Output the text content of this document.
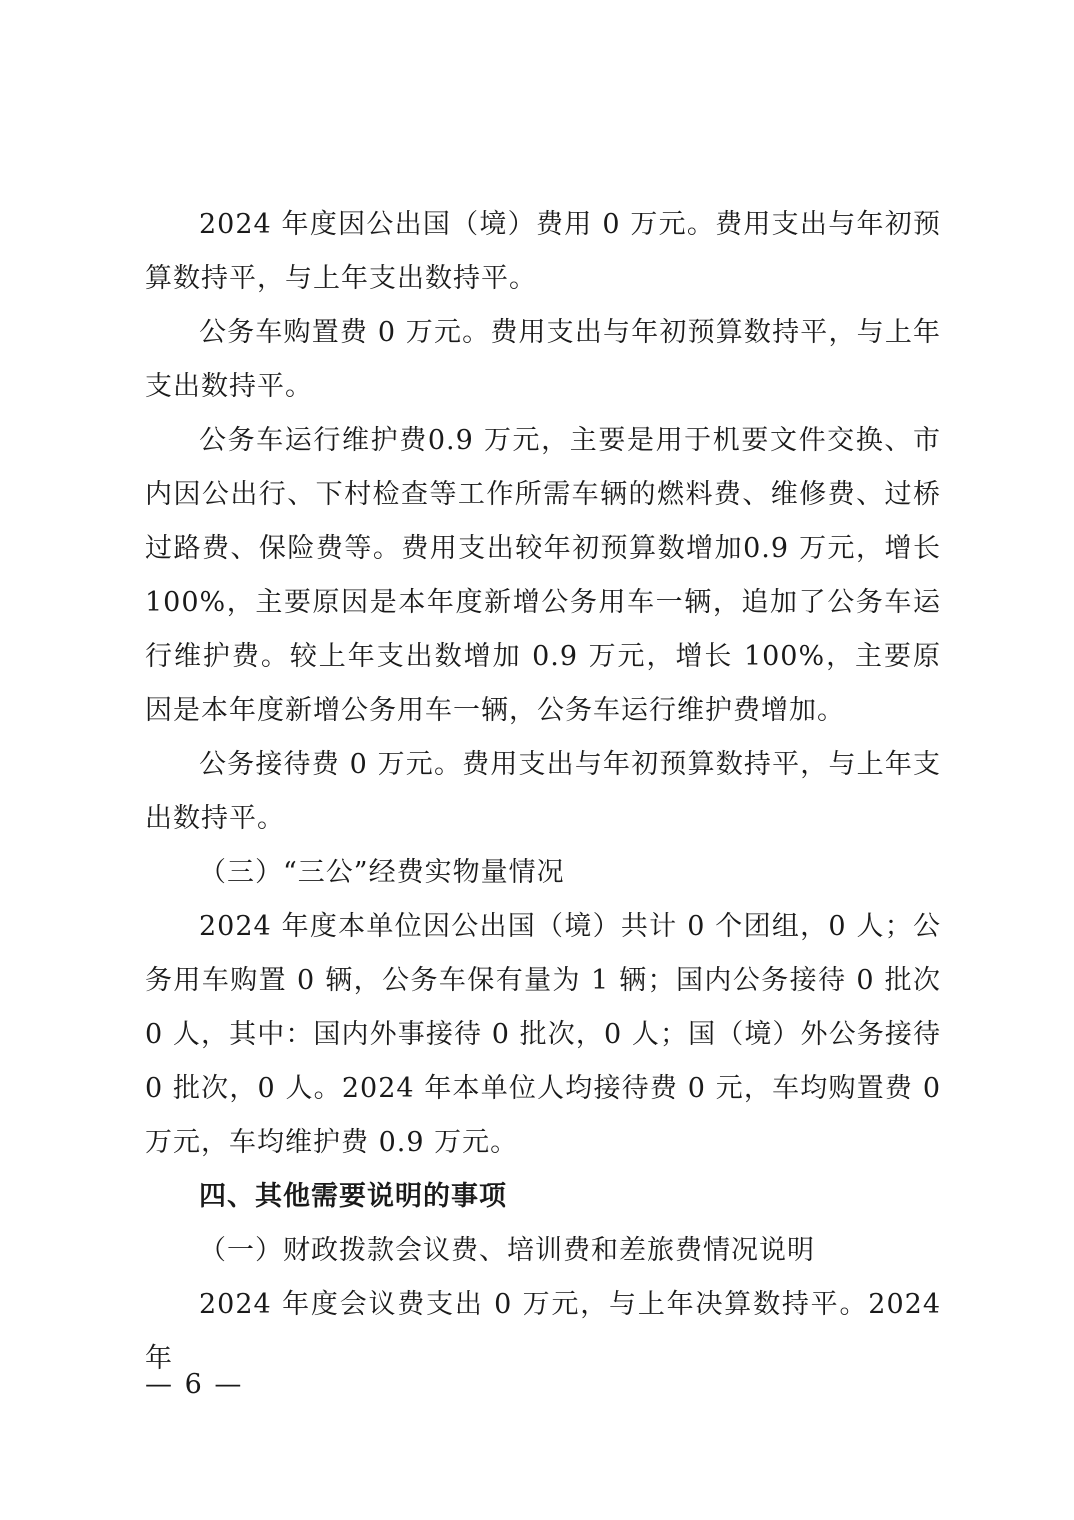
2024 年度因公出国（境）费用 0 万元。费用支出与年初预算数持平，与上年支出数持平。

公务车购置费 0 万元。费用支出与年初预算数持平，与上年支出数持平。

公务车运行维护费0.9 万元，主要是用于机要文件交换、市内因公出行、下村检查等工作所需车辆的燃料费、维修费、过桥过路费、保险费等。费用支出较年初预算数增加0.9 万元，增长 100%，主要原因是本年度新增公务用车一辆，追加了公务车运行维护费。较上年支出数增加 0.9 万元，增长 100%，主要原因是本年度新增公务用车一辆，公务车运行维护费增加。

公务接待费 0 万元。费用支出与年初预算数持平，与上年支出数持平。

（三）“三公”经费实物量情况

2024 年度本单位因公出国（境）共计 0 个团组，0 人；公务用车购置 0 辆，公务车保有量为 1 辆；国内公务接待 0 批次 0 人，其中：国内外事接待 0 批次，0 人；国（境）外公务接待 0 批次，0 人。2024 年本单位人均接待费 0 元，车均购置费 0 万元，车均维护费 0.9 万元。

四、其他需要说明的事项

（一）财政拨款会议费、培训费和差旅费情况说明

2024 年度会议费支出 0 万元，与上年决算数持平。2024 年

— 6 —
